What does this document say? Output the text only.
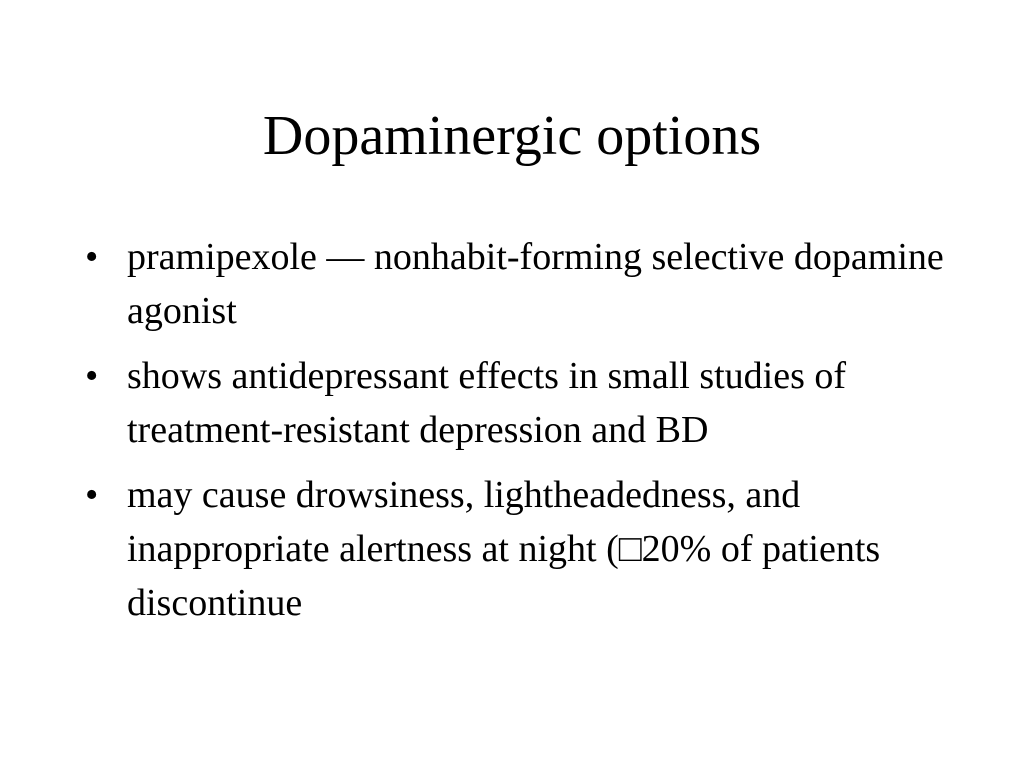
Dopaminergic options
• pramipexole — nonhabit-forming selective dopamine agonist
• shows antidepressant effects in small studies of treatment-resistant depression and BD
• may cause drowsiness, lightheadedness, and inappropriate alertness at night (□20% of patients discontinue
